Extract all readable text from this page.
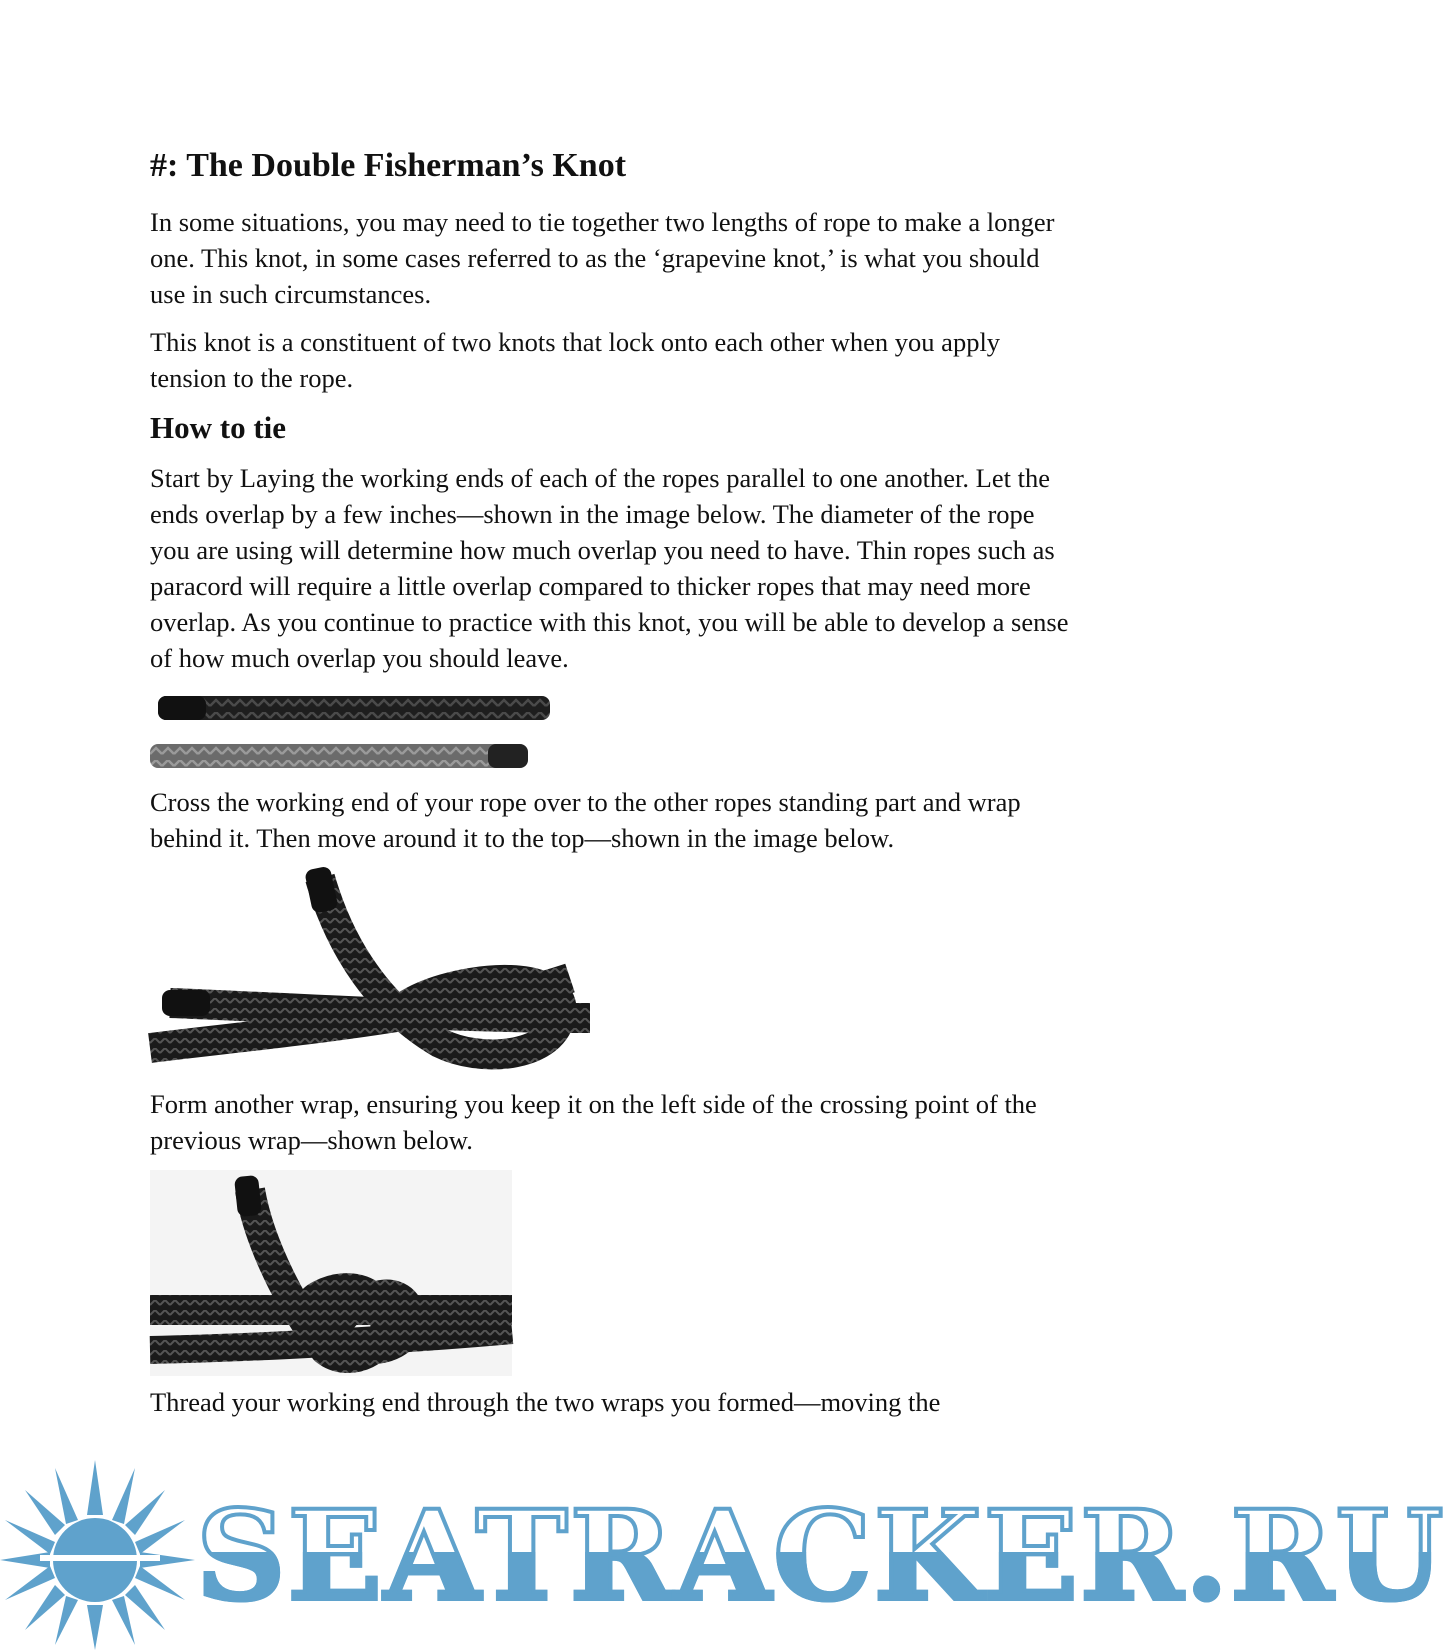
#: The Double Fisherman’s Knot

In some situations, you may need to tie together two lengths of rope to make a longer one. This knot, in some cases referred to as the ‘grapevine knot,’ is what you should use in such circumstances.

This knot is a constituent of two knots that lock onto each other when you apply tension to the rope.

How to tie

Start by Laying the working ends of each of the ropes parallel to one another. Let the ends overlap by a few inches—shown in the image below. The diameter of the rope you are using will determine how much overlap you need to have. Thin ropes such as paracord will require a little overlap compared to thicker ropes that may need more overlap. As you continue to practice with this knot, you will be able to develop a sense of how much overlap you should leave.

Cross the working end of your rope over to the other ropes standing part and wrap behind it. Then move around it to the top—shown in the image below.

Form another wrap, ensuring you keep it on the left side of the crossing point of the previous wrap—shown below.

Thread your working end through the two wraps you formed—moving the

SEATRACKER.RU
